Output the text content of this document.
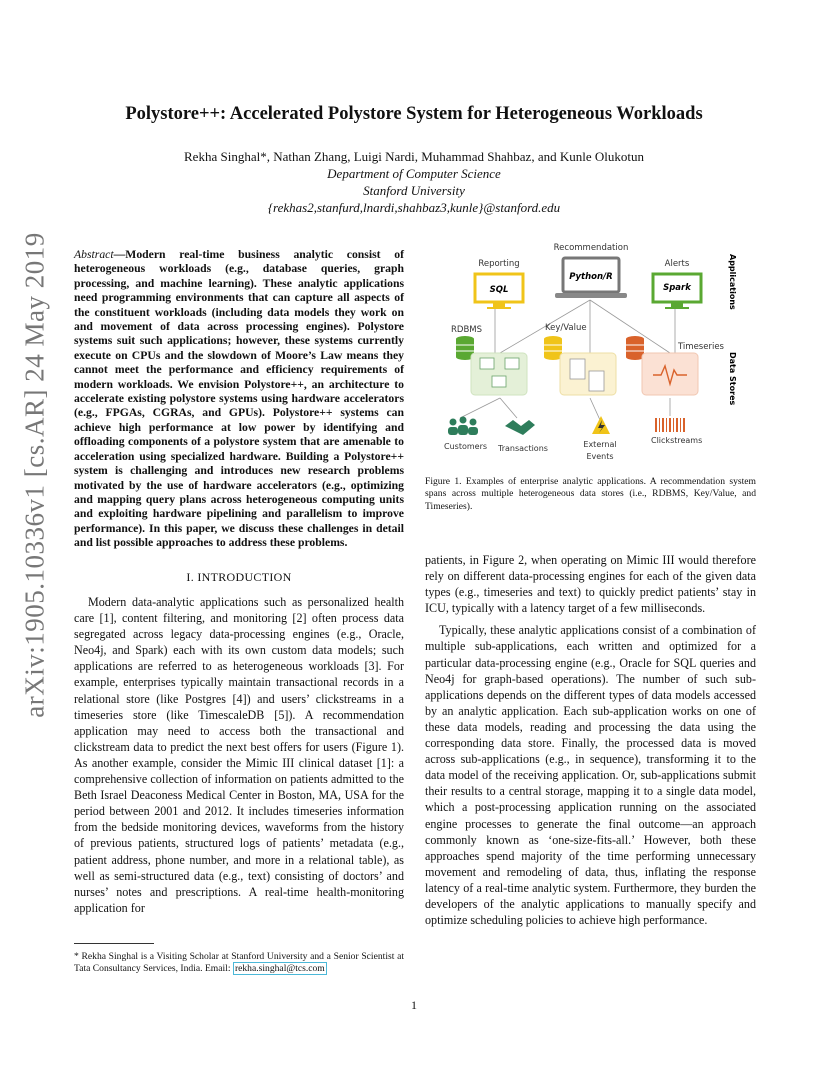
arXiv:1905.10336v1 [cs.AR] 24 May 2019
Polystore++: Accelerated Polystore System for Heterogeneous Workloads
Rekha Singhal*, Nathan Zhang, Luigi Nardi, Muhammad Shahbaz, and Kunle Olukotun
Department of Computer Science
Stanford University
{rekhas2,stanfurd,lnardi,shahbaz3,kunle}@stanford.edu
Abstract—Modern real-time business analytic consist of heterogeneous workloads (e.g., database queries, graph processing, and machine learning). These analytic applications need programming environments that can capture all aspects of the constituent workloads (including data models they work on and movement of data across processing engines). Polystore systems suit such applications; however, these systems currently execute on CPUs and the slowdown of Moore’s Law means they cannot meet the performance and efficiency requirements of modern workloads. We envision Polystore++, an architecture to accelerate existing polystore systems using hardware accelerators (e.g., FPGAs, CGRAs, and GPUs). Polystore++ systems can achieve high performance at low power by identifying and offloading components of a polystore system that are amenable to acceleration using specialized hardware. Building a Polystore++ system is challenging and introduces new research problems motivated by the use of hardware accelerators (e.g., optimizing and mapping query plans across heterogeneous computing units and exploiting hardware pipelining and parallelism to improve performance). In this paper, we discuss these challenges in detail and list possible approaches to address these problems.
I. INTRODUCTION

Modern data-analytic applications such as personalized health care [1], content filtering, and monitoring [2] often process data segregated across legacy data-processing engines (e.g., Oracle, Neo4j, and Spark) each with its own custom data models; such applications are referred to as heterogeneous workloads [3]. For example, enterprises typically maintain transactional records in a relational store (like Postgres [4]) and users’ clickstreams in a timeseries store (like TimescaleDB [5]). A recommendation application may need to access both the transactional and clickstream data to predict the next best offers for users (Figure 1). As another example, consider the Mimic III clinical dataset [1]: a comprehensive collection of information on patients admitted to the Beth Israel Deaconess Medical Center in Boston, MA, USA for the period between 2001 and 2012. It includes timeseries information from the bedside monitoring devices, waveforms from the history of previous patients, structured logs of patients’ metadata (e.g., patient address, phone number, and more in a relational table), as well as semi-structured data (e.g., text) consisting of doctors’ and nurses’ notes and prescriptions. A real-time health-monitoring application for

* Rekha Singhal is a Visiting Scholar at Stanford University and a Senior Scientist at Tata Consultancy Services, India. Email: rekha.singhal@tcs.com
Recommendation
Python/R
Reporting
SQL
Alerts
Spark	Applications
Data Stores
RDBMS	Key/Value
Timeseries
Customers Transactions	External
Events
Clickstreams
Figure 1. Examples of enterprise analytic applications. A recommendation system spans across multiple heterogeneous data stores (i.e., RDBMS, Key/Value, and Timeseries).

patients, in Figure 2, when operating on Mimic III would therefore rely on different data-processing engines for each of the given data types (e.g., timeseries and text) to quickly predict patients’ stay in ICU, typically with a latency target of a few milliseconds.

Typically, these analytic applications consist of a combination of multiple sub-applications, each written and optimized for a particular data-processing engine (e.g., Oracle for SQL queries and Neo4j for graph-based operations). The number of such sub-applications depends on the different types of data models accessed by an analytic application. Each sub-application works on one of these data models, reading and processing the data using the corresponding data store. Finally, the processed data is moved across sub-applications (e.g., in sequence), transforming it to the data model of the receiving application. Or, sub-applications submit their results to a central storage, mapping it to a single data model, which a post-processing application running on the associated engine processes to generate the final outcome—an approach commonly known as ‘one-size-fits-all.’ However, both these approaches spend majority of the time performing unnecessary movement and remodeling of data, thus, inflating the response latency of a real-time analytic system. Furthermore, they burden the developers of the analytic applications to manually specify and optimize scheduling policies to achieve high performance.

1
